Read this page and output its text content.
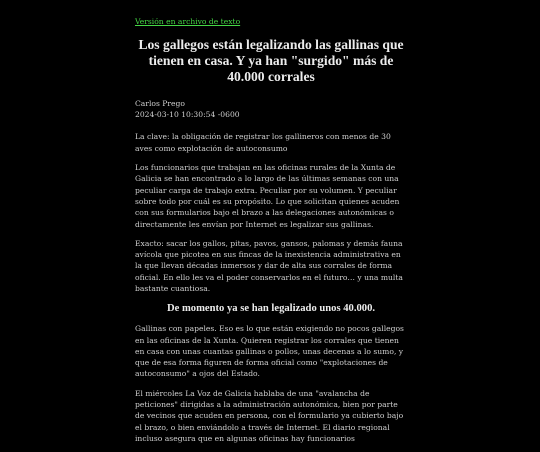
Versión en archivo de texto
Los gallegos están legalizando las gallinas que tienen en casa. Y ya han "surgido" más de 40.000 corrales
Carlos Prego
2024-03-10 10:30:54 -0600

La clave: la obligación de registrar los gallineros con menos de 30 aves como explotación de autoconsumo

Los funcionarios que trabajan en las oficinas rurales de la Xunta de Galicia se han encontrado a lo largo de las últimas semanas con una peculiar carga de trabajo extra. Peculiar por su volumen. Y peculiar sobre todo por cuál es su propósito. Lo que solicitan quienes acuden con sus formularios bajo el brazo a las delegaciones autonómicas o directamente les envían por Internet es legalizar sus gallinas.

Exacto: sacar los gallos, pitas, pavos, gansos, palomas y demás fauna avícola que picotea en sus fincas de la inexistencia administrativa en la que llevan décadas inmersos y dar de alta sus corrales de forma oficial. En ello les va el poder conservarlos en el futuro… y una multa bastante cuantiosa.

De momento ya se han legalizado unos 40.000.

Gallinas con papeles. Eso es lo que están exigiendo no pocos gallegos en las oficinas de la Xunta. Quieren registrar los corrales que tienen en casa con unas cuantas gallinas o pollos, unas decenas a lo sumo, y que de esa forma figuren de forma oficial como "explotaciones de autoconsumo" a ojos del Estado.

El miércoles La Voz de Galicia hablaba de una "avalancha de peticiones" dirigidas a la administración autonómica, bien por parte de vecinos que acuden en persona, con el formulario ya cubierto bajo el brazo, o bien enviándolo a través de Internet. El diario regional incluso asegura que en algunas oficinas hay funcionarios
